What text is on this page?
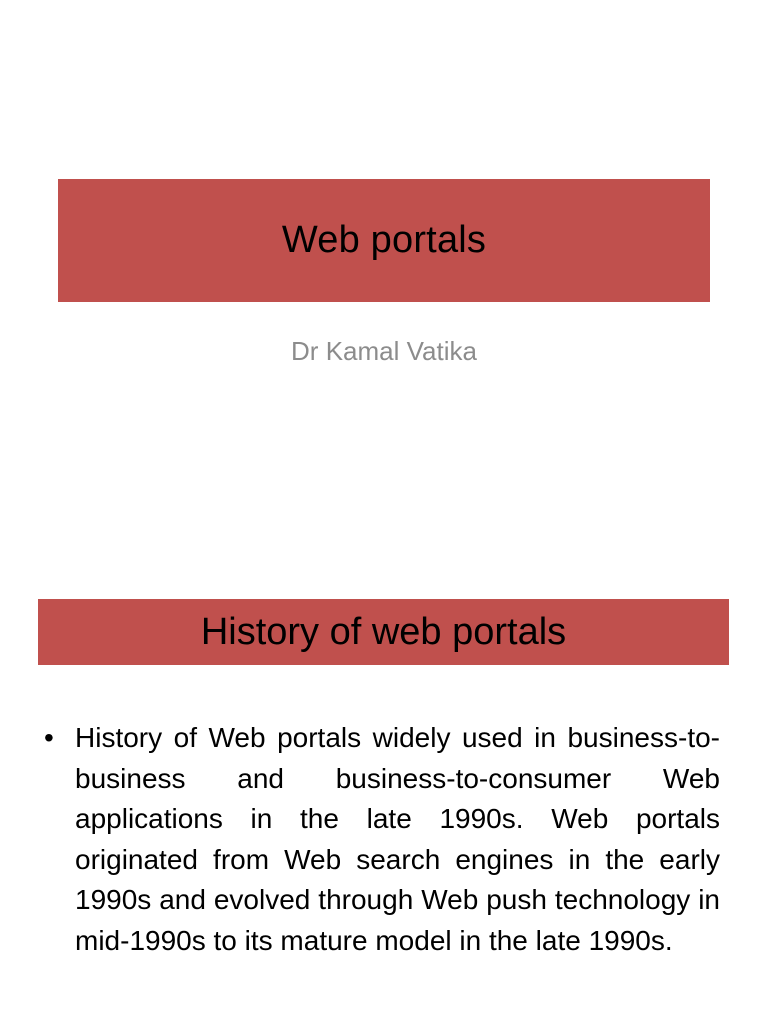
Web portals
Dr Kamal Vatika
History of web portals
• History of Web portals widely used in business-to-business and business-to-consumer Web applications in the late 1990s. Web portals originated from Web search engines in the early 1990s and evolved through Web push technology in mid-1990s to its mature model in the late 1990s.
